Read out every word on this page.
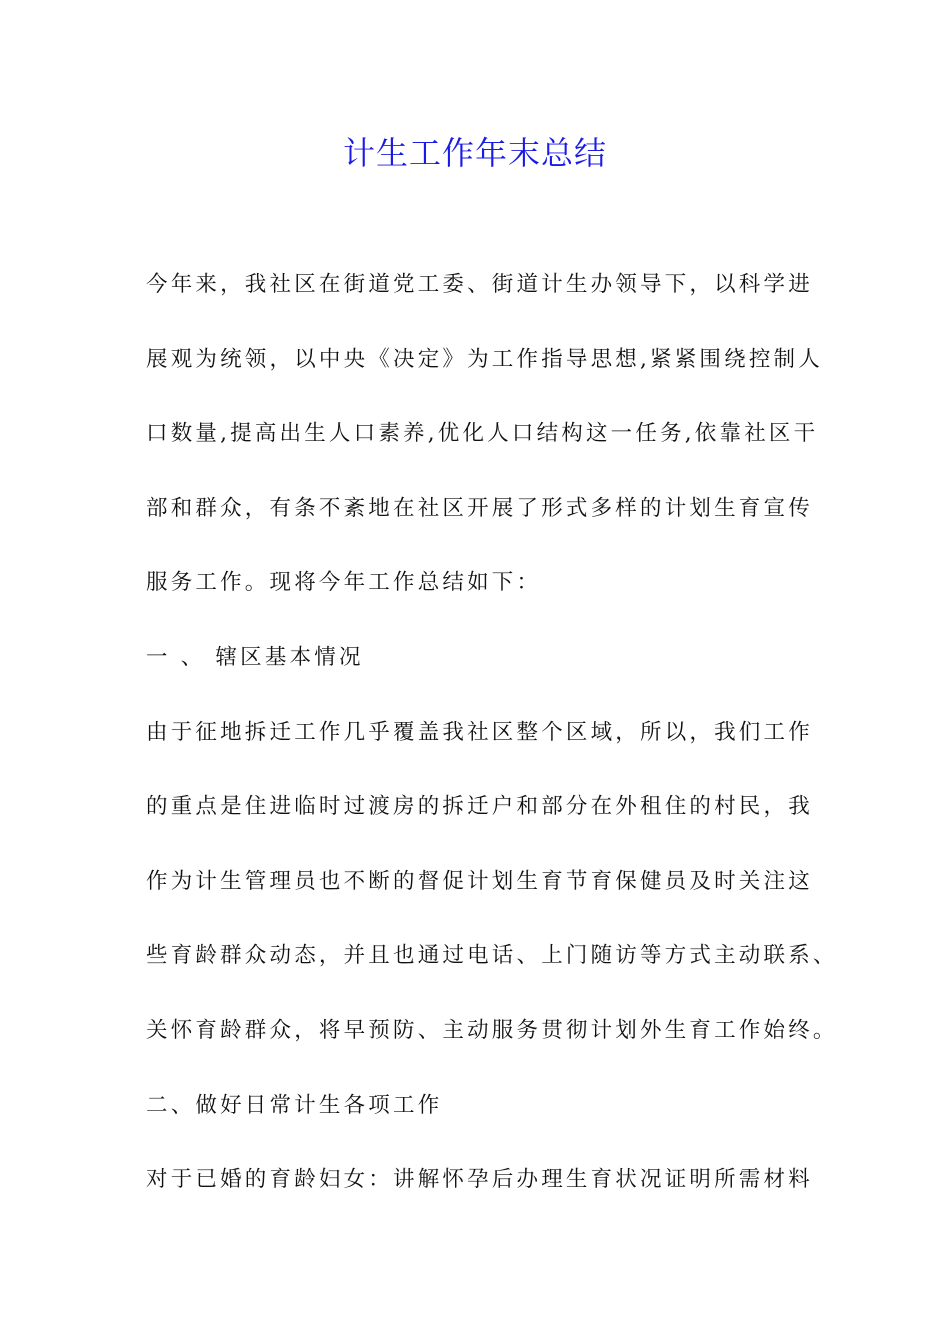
计生工作年末总结
今年来，我社区在街道党工委、街道计生办领导下，以科学进
展观为统领，以中央《决定》为工作指导思想,紧紧围绕控制人
口数量,提高出生人口素养,优化人口结构这一任务,依靠社区干
部和群众，有条不紊地在社区开展了形式多样的计划生育宣传
服务工作。现将今年工作总结如下：
一 、 辖区基本情况
由于征地拆迁工作几乎覆盖我社区整个区域，所以，我们工作
的重点是住进临时过渡房的拆迁户和部分在外租住的村民，我
作为计生管理员也不断的督促计划生育节育保健员及时关注这
些育龄群众动态，并且也通过电话、上门随访等方式主动联系、
关怀育龄群众，将早预防、主动服务贯彻计划外生育工作始终。
二、做好日常计生各项工作
对于已婚的育龄妇女：讲解怀孕后办理生育状况证明所需材料
